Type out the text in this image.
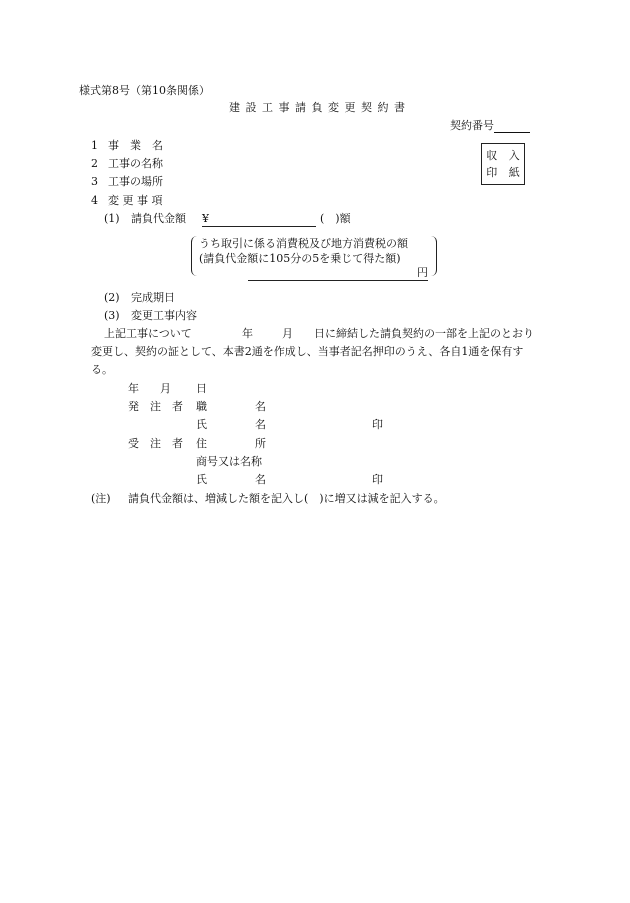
様式第8号（第10条関係）
建 設 工 事 請 負 変 更 契 約 書
契約番号
収 入
印 紙
1 事　業　名
2 工事の名称
3 工事の場所
4 変 更 事 項
(1) 請負代金額 ¥	(　)額
うち取引に係る消費税及び地方消費税の額
(請負代金額に105分の5を乗じて得た額)
円
(2) 完成期日
(3) 変更工事内容
上記工事について	年	月 日に締結した請負契約の一部を上記のとおり
変更し、契約の証として、本書2通を作成し、当事者記名押印のうえ、各自1通を保有す
る。
年 月 日
発　注　者 職	名
氏	名	印
受　注　者 住	所
商号又は名称
氏	名	印
(注) 請負代金額は、増減した額を記入し(　)に増又は減を記入する。
